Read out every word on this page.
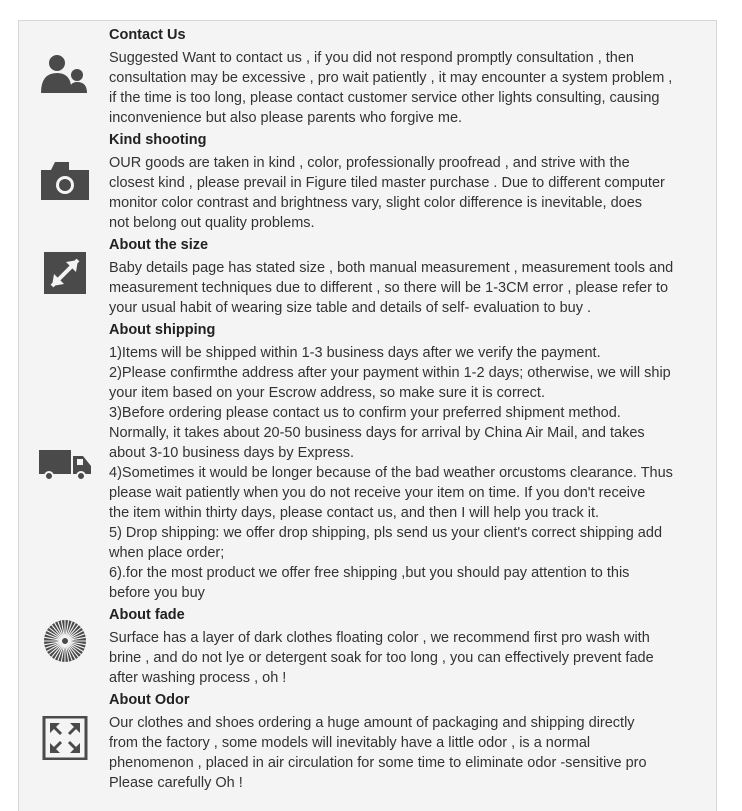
Contact Us
Suggested Want to contact us , if you did not respond promptly consultation , then
consultation may be excessive , pro wait patiently , it may encounter a system problem ,
if the time is too long, please contact customer service other lights consulting, causing
inconvenience but also please parents who forgive me.
Kind shooting
OUR goods are taken in kind , color, professionally proofread , and strive with the
closest kind , please prevail in Figure tiled master purchase . Due to different computer
monitor color contrast and brightness vary, slight color difference is inevitable, does
not belong out quality problems.
About the size
Baby details page has stated size , both manual measurement , measurement tools and
measurement techniques due to different , so there will be 1-3CM error , please refer to
your usual habit of wearing size table and details of self- evaluation to buy .
About shipping
1)Items will be shipped within 1-3 business days after we verify the payment.
2)Please confirmthe address after your payment within 1-2 days; otherwise, we will ship
your item based on your Escrow address, so make sure it is correct.
3)Before ordering please contact us to confirm your preferred shipment method.
Normally, it takes about 20-50 business days for arrival by China Air Mail, and takes
about 3-10 business days by Express.
4)Sometimes it would be longer because of the bad weather orcustoms clearance. Thus
please wait patiently when you do not receive your item on time. If you don't receive
the item within thirty days, please contact us, and then I will help you track it.
5) Drop shipping: we offer drop shipping, pls send us your client's correct shipping add
when place order;
6).for the most product we offer free shipping ,but you should pay attention to this
before you buy
About fade
Surface has a layer of dark clothes floating color , we recommend first pro wash with
brine , and do not lye or detergent soak for too long , you can effectively prevent fade
after washing process , oh !
About Odor
Our clothes and shoes ordering a huge amount of packaging and shipping directly
from the factory , some models will inevitably have a little odor , is a normal
phenomenon , placed in air circulation for some time to eliminate odor -sensitive pro
Please carefully Oh !
